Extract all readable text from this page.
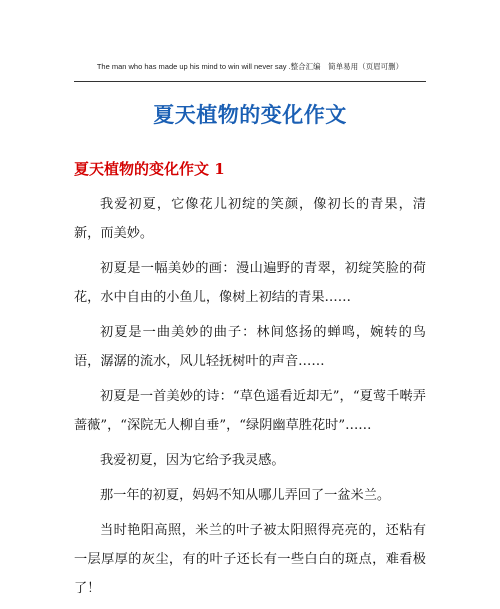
The man who has made up his mind to win will never say .整合汇编　简单易用（页眉可删）
夏天植物的变化作文
夏天植物的变化作文 1

我爱初夏，它像花儿初绽的笑颜，像初长的青果，清新，而美妙。

初夏是一幅美妙的画：漫山遍野的青翠，初绽笑脸的荷花，水中自由的小鱼儿，像树上初结的青果……

初夏是一曲美妙的曲子：林间悠扬的蝉鸣，婉转的鸟语，潺潺的流水，风儿轻抚树叶的声音……

初夏是一首美妙的诗：“草色遥看近却无”，“夏莺千啭弄蔷薇”，“深院无人柳自垂”，“绿阴幽草胜花时”……

我爱初夏，因为它给予我灵感。

那一年的初夏，妈妈不知从哪儿弄回了一盆米兰。

当时艳阳高照，米兰的叶子被太阳照得亮亮的，还粘有一层厚厚的灰尘，有的叶子还长有一些白白的斑点，难看极了！
